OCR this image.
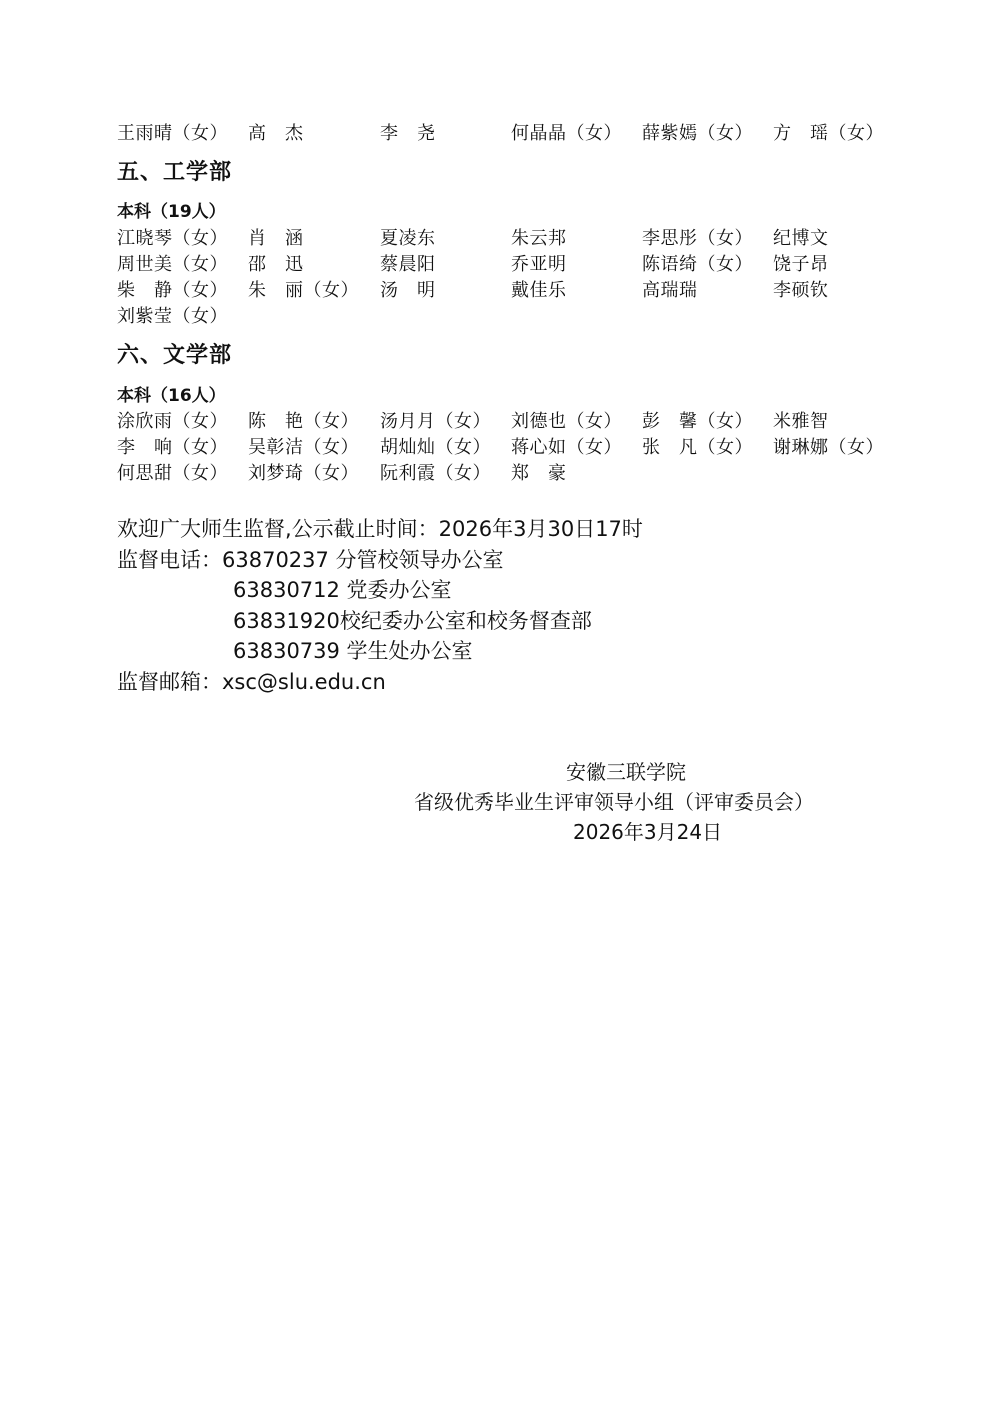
王雨晴（女） 高　杰	李　尧	何晶晶（女） 薛紫嫣（女） 方　瑶（女）
五、工学部
本科（19人）
江晓琴（女） 肖　涵	夏凌东	朱云邦	李思彤（女） 纪博文
周世美（女） 邵　迅	蔡晨阳	乔亚明	陈语绮（女） 饶子昂
柴　静（女） 朱　丽（女） 汤　明	戴佳乐	高瑞瑞	李硕钦
刘紫莹（女）
六、文学部
本科（16人）
涂欣雨（女） 陈　艳（女） 汤月月（女） 刘德也（女） 彭　馨（女） 米雅智
李　响（女） 吴彰洁（女） 胡灿灿（女） 蒋心如（女） 张　凡（女） 谢琳娜（女）
何思甜（女） 刘梦琦（女） 阮利霞（女） 郑　豪
欢迎广大师生监督,公示截止时间：2026年3月30日17时
监督电话：63870237 分管校领导办公室
63830712 党委办公室
63831920校纪委办公室和校务督查部
63830739 学生处办公室
监督邮箱：xsc@slu.edu.cn
安徽三联学院
省级优秀毕业生评审领导小组（评审委员会）
2026年3月24日
